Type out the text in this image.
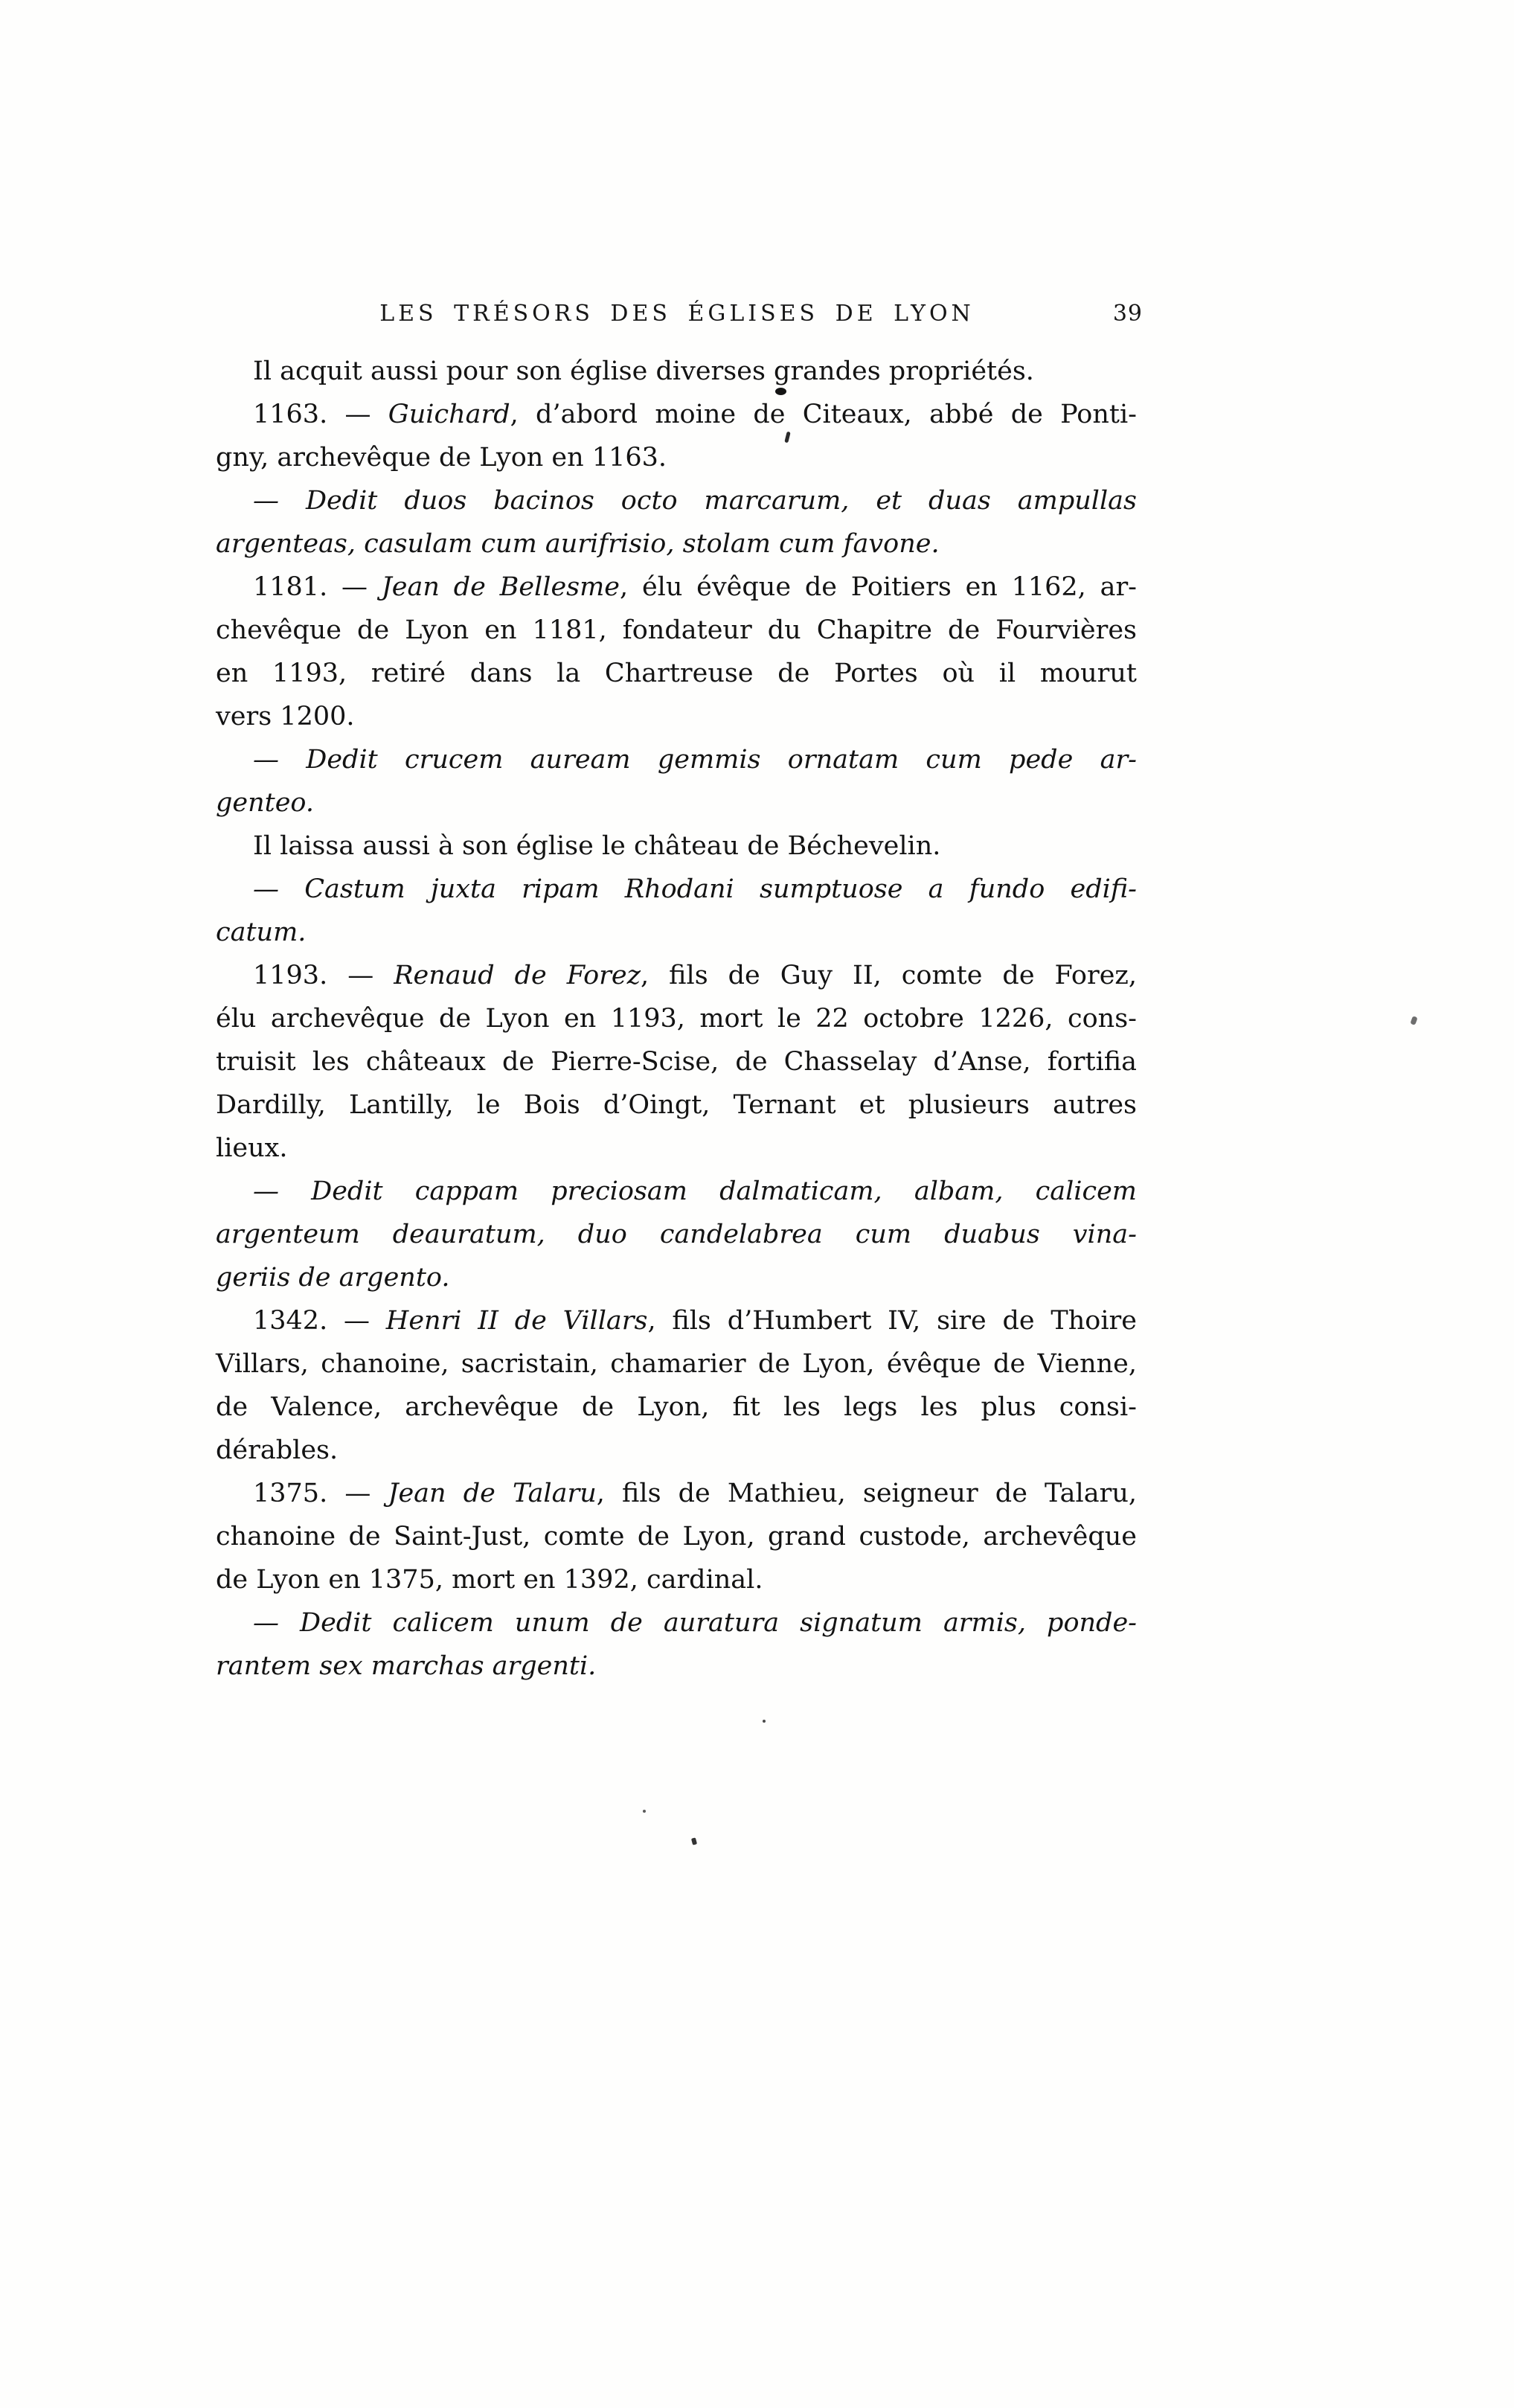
LES TRÉSORS DES ÉGLISES DE LYON	39
Il acquit aussi pour son église diverses grandes propriétés.
1163. — Guichard, d’abord moine de Citeaux, abbé de Ponti-
gny, archevêque de Lyon en 1163.
— Dedit duos bacinos octo marcarum, et duas ampullas
argenteas, casulam cum aurifrisio, stolam cum favone.
1181. — Jean de Bellesme, élu évêque de Poitiers en 1162, ar-
chevêque de Lyon en 1181, fondateur du Chapitre de Fourvières
en 1193, retiré dans la Chartreuse de Portes où il mourut
vers 1200.
— Dedit crucem auream gemmis ornatam cum pede ar-
genteo.
Il laissa aussi à son église le château de Béchevelin.
— Castum juxta ripam Rhodani sumptuose a fundo edifi-
catum.
1193. — Renaud de Forez, fils de Guy II, comte de Forez,
élu archevêque de Lyon en 1193, mort le 22 octobre 1226, cons-
truisit les châteaux de Pierre-Scise, de Chasselay d’Anse, fortifia
Dardilly, Lantilly, le Bois d’Oingt, Ternant et plusieurs autres
lieux.
— Dedit cappam preciosam dalmaticam, albam, calicem
argenteum deauratum, duo candelabrea cum duabus vina-
geriis de argento.
1342. — Henri II de Villars, fils d’Humbert IV, sire de Thoire
Villars, chanoine, sacristain, chamarier de Lyon, évêque de Vienne,
de Valence, archevêque de Lyon, fit les legs les plus consi-
dérables.
1375. — Jean de Talaru, fils de Mathieu, seigneur de Talaru,
chanoine de Saint-Just, comte de Lyon, grand custode, archevêque
de Lyon en 1375, mort en 1392, cardinal.
— Dedit calicem unum de auratura signatum armis, ponde-
rantem sex marchas argenti.
